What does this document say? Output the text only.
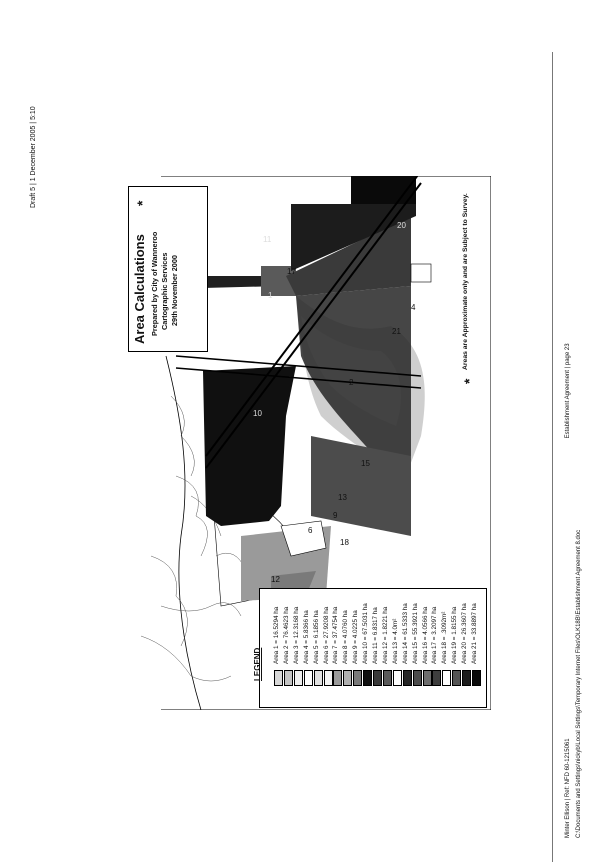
Draft 5 | 1 December 2005 | 5:10
Minter Ellison | Ref: NFD 60-1215061Establishment Agreement | page 23
C:\Documents and Settings\nickyb\Local Settings\Temporary Internet Files\OLK18B\Establishment Agreement 8.doc
1
2
4
5
6
9
10
11
12
13
15
16
17
18
20
21
Area Calculations
*
Prepared by City of Wanneroo Cartographic Services 29th November 2000
*
Areas are Approximate only and are Subject to Survey.
LEGEND
Area 1 = 16.5294 ha Area 2 = 76.4623 ha Area 3 = 12.3168 ha Area 4 = 5.8366 ha Area 5 = 6.1856 ha Area 6 = 27.9208 ha Area 7 = 37.4754 ha Area 8 = 4.0760 ha Area 9 = 4.0225 ha Area 10 = 67.5031 ha Area 11 = 6.8317 ha Area 12 = 1.8221 ha Area 13 = 4.0m² Area 14 = 61.5333 ha Area 15 = 55.3921 ha Area 16 = 4.0566 ha Area 17 = 3.2097 ha Area 18 = .3092m² Area 19 = 1.8155 ha Area 20 = 26.3607 ha Area 21 = 33.8897 ha
